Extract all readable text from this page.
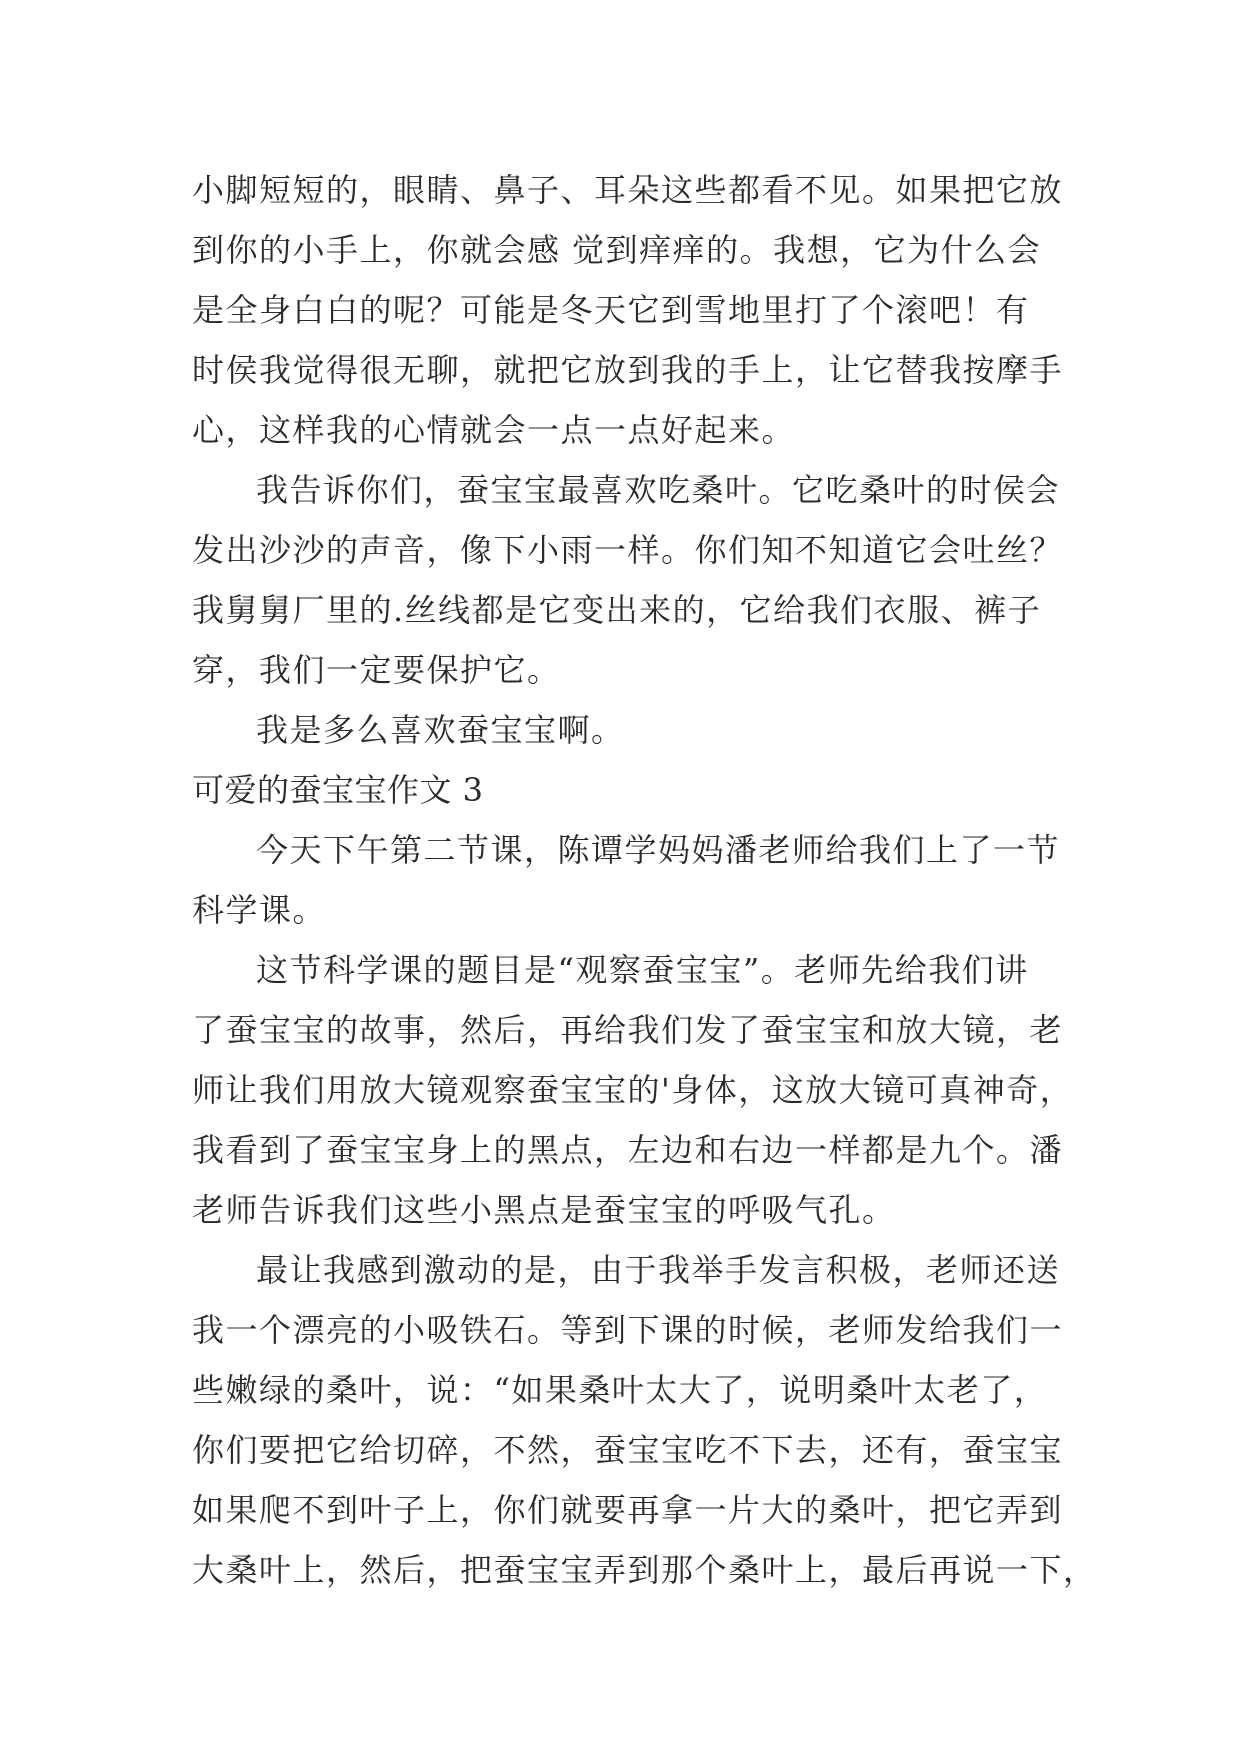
小脚短短的，眼睛、鼻子、耳朵这些都看不见。如果把它放
到你的小手上，你就会感 觉到痒痒的。我想，它为什么会
是全身白白的呢？可能是冬天它到雪地里打了个滚吧！有
时侯我觉得很无聊，就把它放到我的手上，让它替我按摩手
心，这样我的心情就会一点一点好起来。
我告诉你们，蚕宝宝最喜欢吃桑叶。它吃桑叶的时侯会
发出沙沙的声音，像下小雨一样。你们知不知道它会吐丝？
我舅舅厂里的.丝线都是它变出来的，它给我们衣服、裤子
穿，我们一定要保护它。
我是多么喜欢蚕宝宝啊。
可爱的蚕宝宝作文 3
今天下午第二节课，陈谭学妈妈潘老师给我们上了一节
科学课。
这节科学课的题目是“观察蚕宝宝”。老师先给我们讲
了蚕宝宝的故事，然后，再给我们发了蚕宝宝和放大镜，老
师让我们用放大镜观察蚕宝宝的'身体，这放大镜可真神奇，
我看到了蚕宝宝身上的黑点，左边和右边一样都是九个。潘
老师告诉我们这些小黑点是蚕宝宝的呼吸气孔。
最让我感到激动的是，由于我举手发言积极，老师还送
我一个漂亮的小吸铁石。等到下课的时候，老师发给我们一
些嫩绿的桑叶，说：“如果桑叶太大了，说明桑叶太老了，
你们要把它给切碎，不然，蚕宝宝吃不下去，还有，蚕宝宝
如果爬不到叶子上，你们就要再拿一片大的桑叶，把它弄到
大桑叶上，然后，把蚕宝宝弄到那个桑叶上，最后再说一下，
